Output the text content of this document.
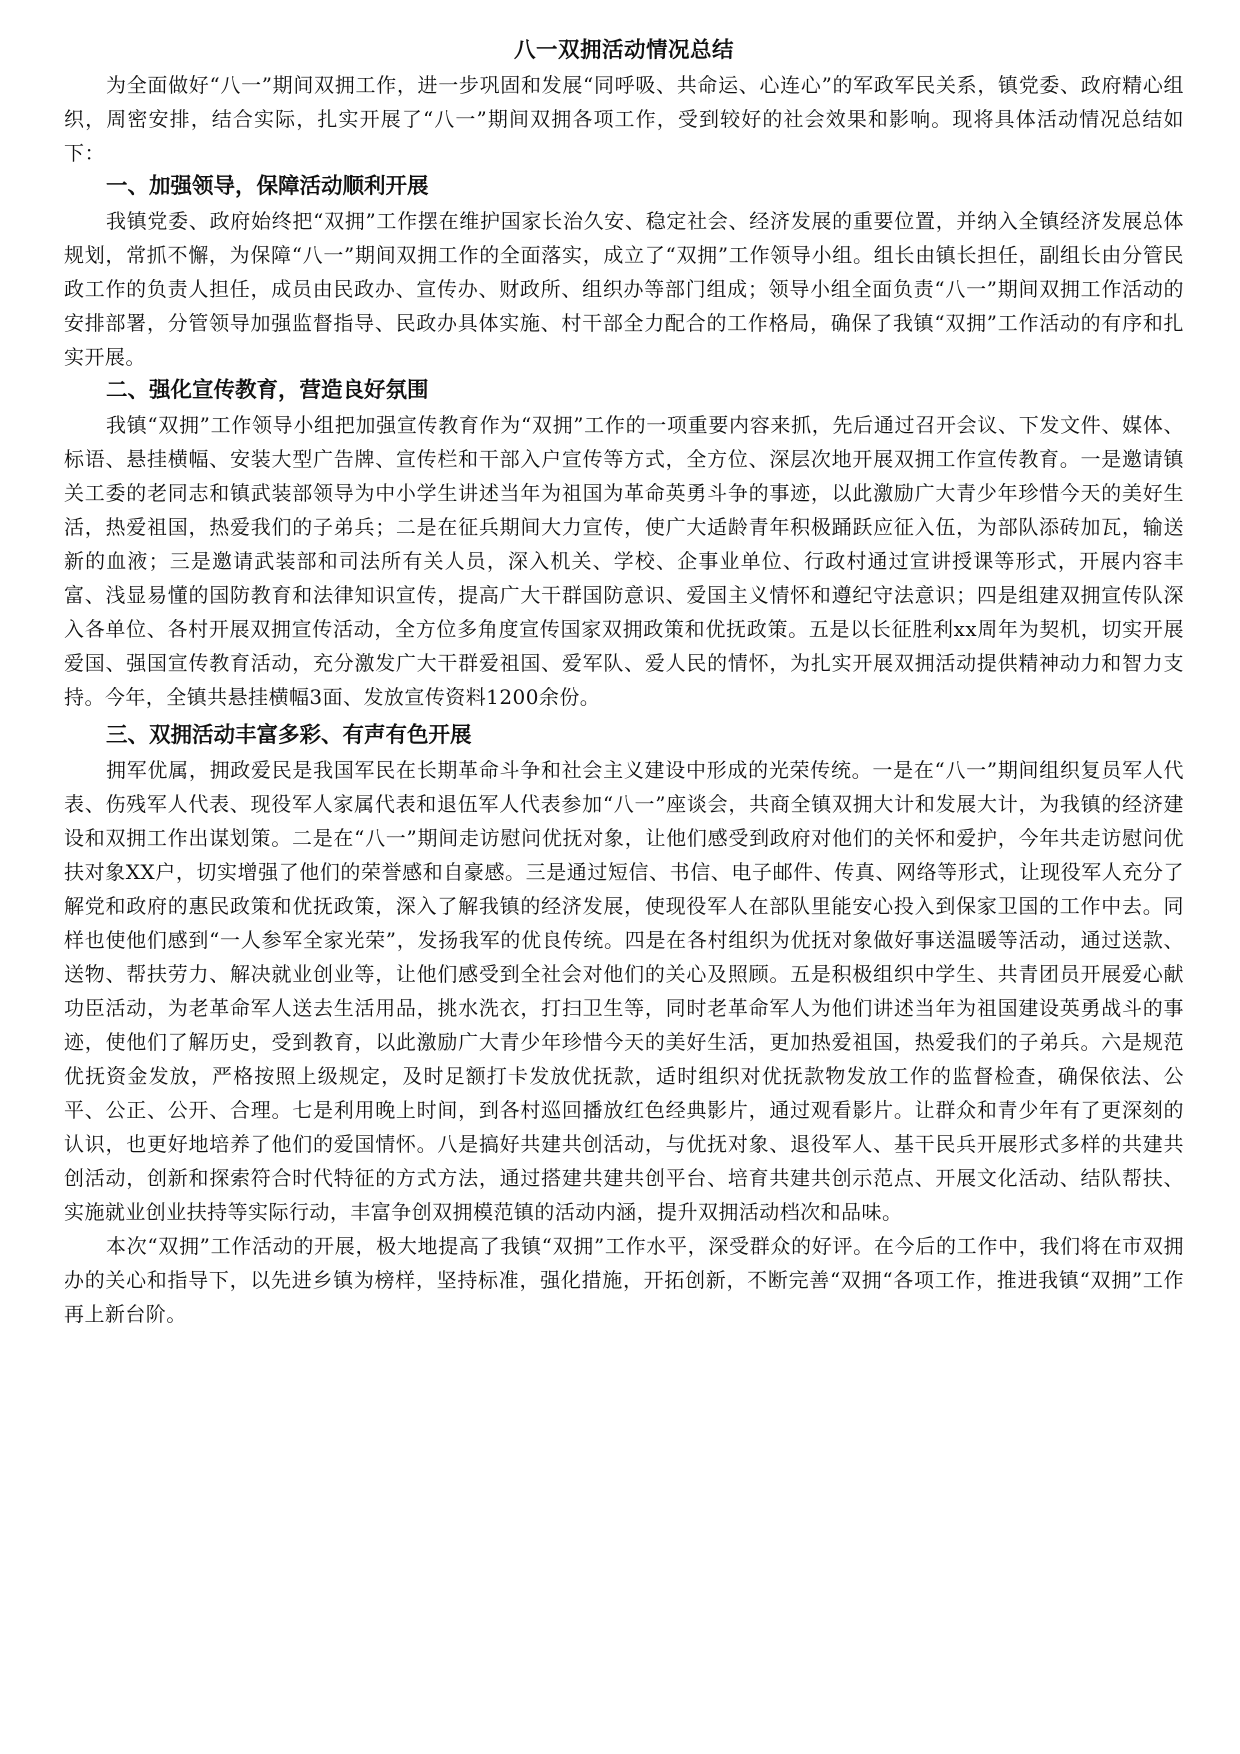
八一双拥活动情况总结

为全面做好“八一”期间双拥工作，进一步巩固和发展“同呼吸、共命运、心连心”的军政军民关系，镇党委、政府精心组织，周密安排，结合实际，扎实开展了“八一”期间双拥各项工作，受到较好的社会效果和影响。现将具体活动情况总结如下：

一、加强领导，保障活动顺利开展

我镇党委、政府始终把“双拥”工作摆在维护国家长治久安、稳定社会、经济发展的重要位置，并纳入全镇经济发展总体规划，常抓不懈，为保障“八一”期间双拥工作的全面落实，成立了“双拥”工作领导小组。组长由镇长担任，副组长由分管民政工作的负责人担任，成员由民政办、宣传办、财政所、组织办等部门组成；领导小组全面负责“八一”期间双拥工作活动的安排部署，分管领导加强监督指导、民政办具体实施、村干部全力配合的工作格局，确保了我镇“双拥”工作活动的有序和扎实开展。

二、强化宣传教育，营造良好氛围

我镇“双拥”工作领导小组把加强宣传教育作为“双拥”工作的一项重要内容来抓，先后通过召开会议、下发文件、媒体、标语、悬挂横幅、安装大型广告牌、宣传栏和干部入户宣传等方式，全方位、深层次地开展双拥工作宣传教育。一是邀请镇关工委的老同志和镇武装部领导为中小学生讲述当年为祖国为革命英勇斗争的事迹，以此激励广大青少年珍惜今天的美好生活，热爱祖国，热爱我们的子弟兵；二是在征兵期间大力宣传，使广大适龄青年积极踊跃应征入伍，为部队添砖加瓦，输送新的血液；三是邀请武装部和司法所有关人员，深入机关、学校、企事业单位、行政村通过宣讲授课等形式，开展内容丰富、浅显易懂的国防教育和法律知识宣传，提高广大干群国防意识、爱国主义情怀和遵纪守法意识；四是组建双拥宣传队深入各单位、各村开展双拥宣传活动，全方位多角度宣传国家双拥政策和优抚政策。五是以长征胜利xx周年为契机，切实开展爱国、强国宣传教育活动，充分激发广大干群爱祖国、爱军队、爱人民的情怀，为扎实开展双拥活动提供精神动力和智力支持。今年，全镇共悬挂横幅3面、发放宣传资料1200余份。

三、双拥活动丰富多彩、有声有色开展

拥军优属，拥政爱民是我国军民在长期革命斗争和社会主义建设中形成的光荣传统。一是在“八一”期间组织复员军人代表、伤残军人代表、现役军人家属代表和退伍军人代表参加“八一”座谈会，共商全镇双拥大计和发展大计，为我镇的经济建设和双拥工作出谋划策。二是在“八一”期间走访慰问优抚对象，让他们感受到政府对他们的关怀和爱护，今年共走访慰问优扶对象XX户，切实增强了他们的荣誉感和自豪感。三是通过短信、书信、电子邮件、传真、网络等形式，让现役军人充分了解党和政府的惠民政策和优抚政策，深入了解我镇的经济发展，使现役军人在部队里能安心投入到保家卫国的工作中去。同样也使他们感到“一人参军全家光荣”，发扬我军的优良传统。四是在各村组织为优抚对象做好事送温暖等活动，通过送款、送物、帮扶劳力、解决就业创业等，让他们感受到全社会对他们的关心及照顾。五是积极组织中学生、共青团员开展爱心献功臣活动，为老革命军人送去生活用品，挑水洗衣，打扫卫生等，同时老革命军人为他们讲述当年为祖国建设英勇战斗的事迹，使他们了解历史，受到教育，以此激励广大青少年珍惜今天的美好生活，更加热爱祖国，热爱我们的子弟兵。六是规范优抚资金发放，严格按照上级规定，及时足额打卡发放优抚款，适时组织对优抚款物发放工作的监督检查，确保依法、公平、公正、公开、合理。七是利用晚上时间，到各村巡回播放红色经典影片，通过观看影片。让群众和青少年有了更深刻的认识，也更好地培养了他们的爱国情怀。八是搞好共建共创活动，与优抚对象、退役军人、基干民兵开展形式多样的共建共创活动，创新和探索符合时代特征的方式方法，通过搭建共建共创平台、培育共建共创示范点、开展文化活动、结队帮扶、实施就业创业扶持等实际行动，丰富争创双拥模范镇的活动内涵，提升双拥活动档次和品味。

本次“双拥”工作活动的开展，极大地提高了我镇“双拥”工作水平，深受群众的好评。在今后的工作中，我们将在市双拥办的关心和指导下，以先进乡镇为榜样，坚持标准，强化措施，开拓创新，不断完善“双拥“各项工作，推进我镇“双拥”工作再上新台阶。
